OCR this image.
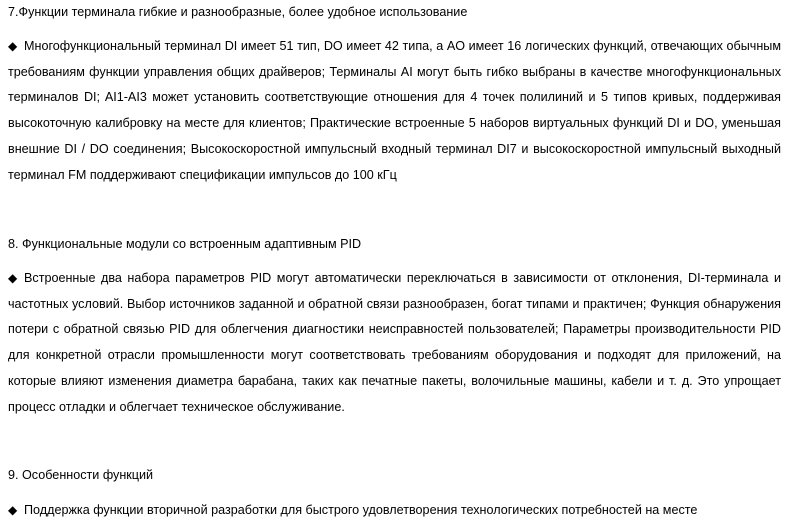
7.Функции терминала гибкие и разнообразные, более удобное использование
◆ Многофункциональный терминал DI имеет 51 тип, DO имеет 42 типа, а AO имеет 16 логических функций, отвечающих обычным требованиям функции управления общих драйверов; Терминалы AI могут быть гибко выбраны в качестве многофункциональных терминалов DI; AI1-AI3 может установить соответствующие отношения для 4 точек полилиний и 5 типов кривых, поддерживая высокоточную калибровку на месте для клиентов; Практические встроенные 5 наборов виртуальных функций DI и DO, уменьшая внешние DI / DO соединения; Высокоскоростной импульсный входный терминал DI7 и высокоскоростной импульсный выходный терминал FM поддерживают спецификации импульсов до 100 кГц
8. Функциональные модули со встроенным адаптивным PID
◆ Встроенные два набора параметров PID могут автоматически переключаться в зависимости от отклонения, DI-терминала и частотных условий. Выбор источников заданной и обратной связи разнообразен, богат типами и практичен; Функция обнаружения потери с обратной связью PID для облегчения диагностики неисправностей пользователей; Параметры производительности PID для конкретной отрасли промышленности могут соответствовать требованиям оборудования и подходят для приложений, на которые влияют изменения диаметра барабана, таких как печатные пакеты, волочильные машины, кабели и т. д. Это упрощает процесс отладки и облегчает техническое обслуживание.
9. Особенности функций
◆ Поддержка функции вторичной разработки для быстрого удовлетворения технологических потребностей на месте
